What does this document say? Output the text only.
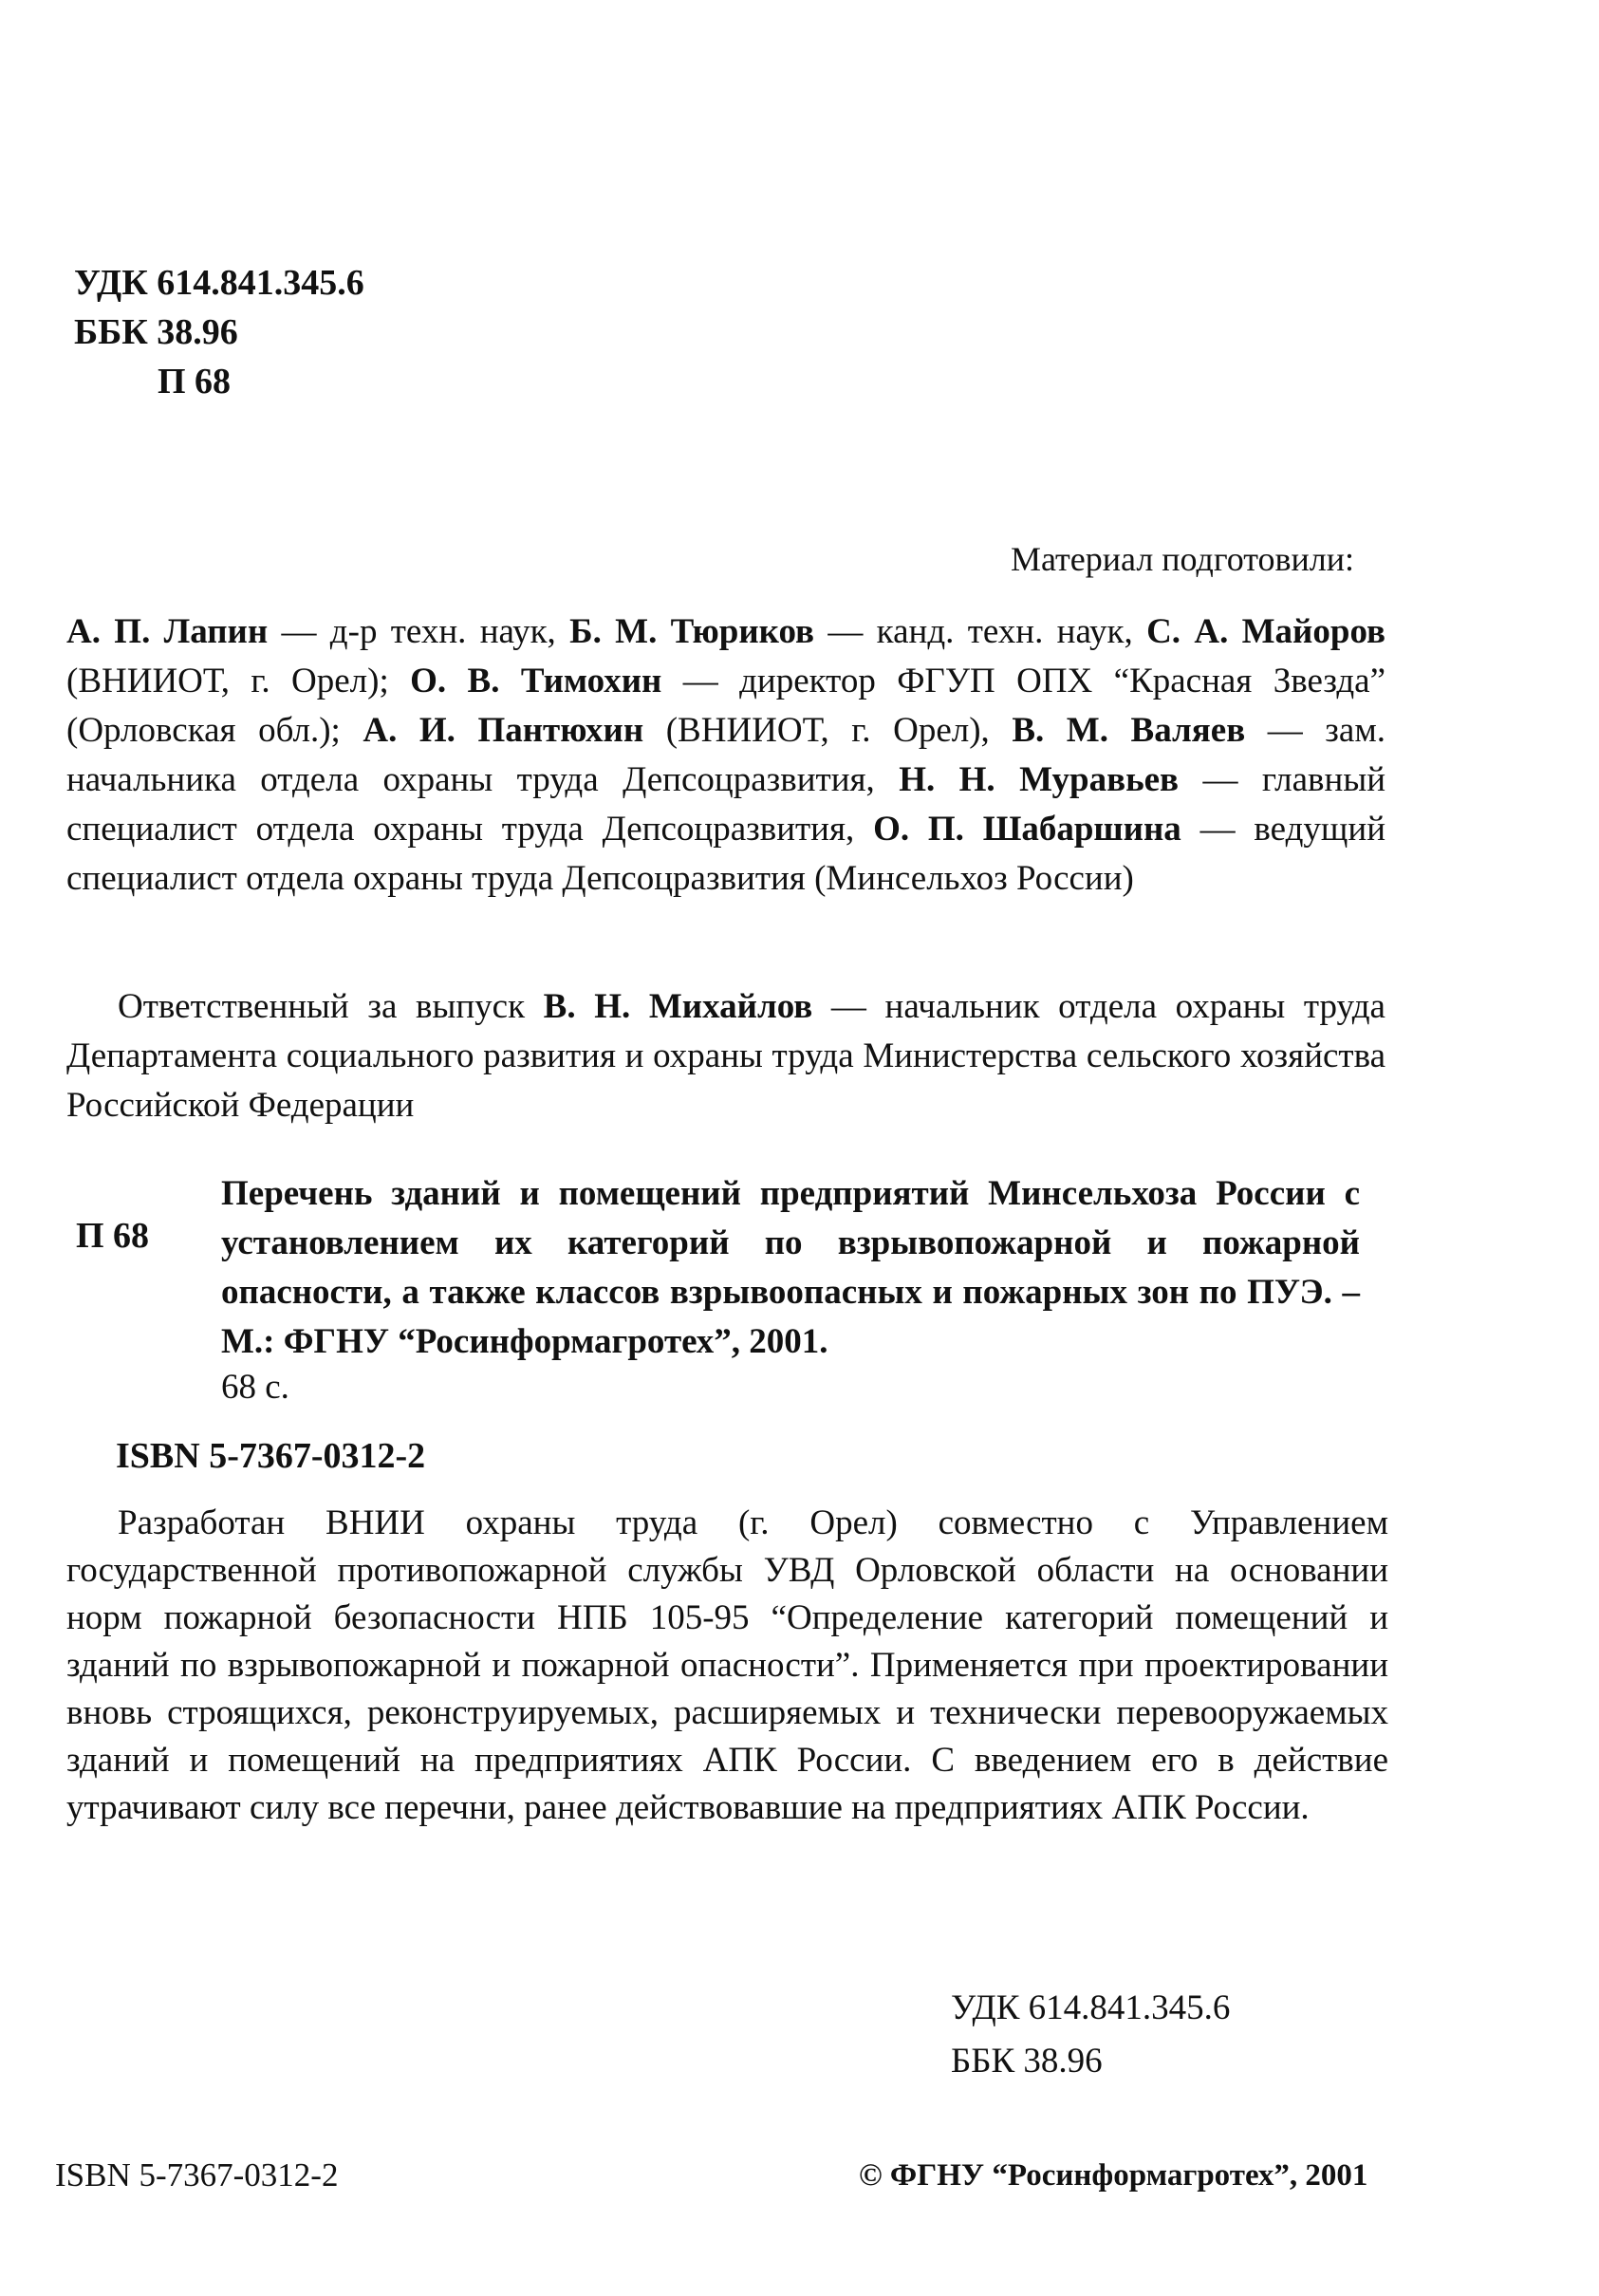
УДК 614.841.345.6
ББК 38.96

П 68
Материал подготовили:
А. П. Лапин — д-р техн. наук, Б. М. Тюриков — канд. техн. наук, С. А. Майоров (ВНИИОТ, г. Орел); О. В. Тимохин — директор ФГУП ОПХ “Красная Звезда” (Орловская обл.); А. И. Пантюхин (ВНИИОТ, г. Орел), В. М. Валяев — зам. начальника отдела охраны труда Депсоцразвития, Н. Н. Муравьев — главный специалист отдела охраны труда Депсоцразвития, О. П. Шабаршина — ведущий специалист отдела охраны труда Депсоцразвития (Минсельхоз России)
Ответственный за выпуск В. Н. Михайлов — начальник отдела охраны труда Департамента социального развития и охраны труда Министерства сельского хозяйства Российской Федерации
П 68
Перечень зданий и помещений предприятий Минсельхоза России с установлением их категорий по взрывопожарной и пожарной опасности, а также классов взрывоопасных и пожарных зон по ПУЭ. – М.: ФГНУ “Росинформагротех”, 2001.
68 с.
ISBN 5-7367-0312-2
Разработан ВНИИ охраны труда (г. Орел) совместно с Управлением государственной противопожарной службы УВД Орловской области на основании норм пожарной безопасности НПБ 105-95 “Определение категорий помещений и зданий по взрывопожарной и пожарной опасности”. Применяется при проектировании вновь строящихся, реконструируемых, расширяемых и технически перевооружаемых зданий и помещений на предприятиях АПК России. С введением его в действие утрачивают силу все перечни, ранее действовавшие на предприятиях АПК России.
УДК 614.841.345.6
ББК 38.96
ISBN 5-7367-0312-2	© ФГНУ “Росинформагротех”, 2001
